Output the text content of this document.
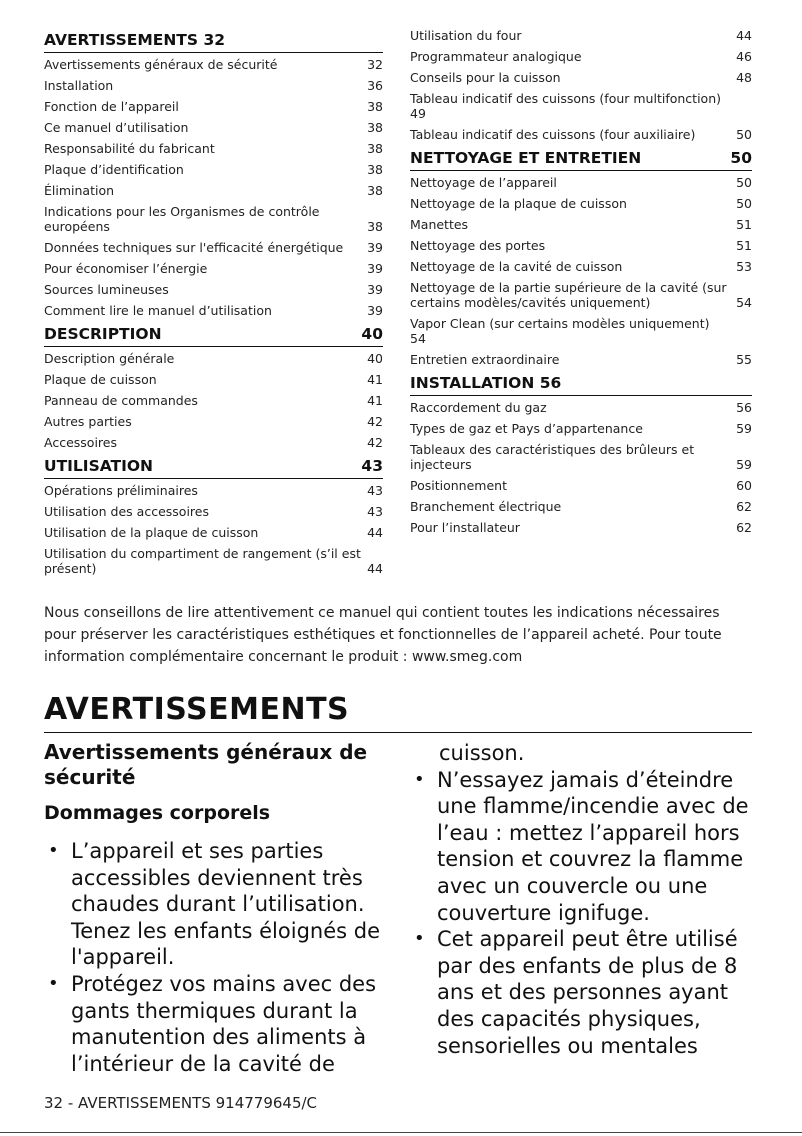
AVERTISSEMENTS 32
Avertissements généraux de sécurité	32
Installation	36
Fonction de l’appareil	38
Ce manuel d’utilisation	38
Responsabilité du fabricant	38
Plaque d’identification	38
Élimination	38
Indications pour les Organismes de contrôle européens	38
Données techniques sur l'efficacité énergétique	39
Pour économiser l’énergie	39
Sources lumineuses	39
Comment lire le manuel d’utilisation	39
DESCRIPTION	40
Description générale	40
Plaque de cuisson	41
Panneau de commandes	41
Autres parties	42
Accessoires	42
UTILISATION	43
Opérations préliminaires	43
Utilisation des accessoires	43
Utilisation de la plaque de cuisson	44
Utilisation du compartiment de rangement (s’il est présent)	44
Utilisation du four	44
Programmateur analogique	46
Conseils pour la cuisson	48
Tableau indicatif des cuissons (four multifonction)
49
Tableau indicatif des cuissons (four auxiliaire)	50
NETTOYAGE ET ENTRETIEN	50
Nettoyage de l’appareil	50
Nettoyage de la plaque de cuisson	50
Manettes	51
Nettoyage des portes	51
Nettoyage de la cavité de cuisson	53
Nettoyage de la partie supérieure de la cavité (sur certains modèles/cavités uniquement)	54
Vapor Clean (sur certains modèles uniquement)
54
Entretien extraordinaire	55
INSTALLATION 56
Raccordement du gaz	56
Types de gaz et Pays d’appartenance	59
Tableaux des caractéristiques des brûleurs et injecteurs	59
Positionnement	60
Branchement électrique	62
Pour l’installateur	62
Nous conseillons de lire attentivement ce manuel qui contient toutes les indications nécessaires pour préserver les caractéristiques esthétiques et fonctionnelles de l’appareil acheté. Pour toute information complémentaire concernant le produit : www.smeg.com
AVERTISSEMENTS
Avertissements généraux de sécurité
Dommages corporels
• L’appareil et ses parties accessibles deviennent très chaudes durant l’utilisation. Tenez les enfants éloignés de l'appareil.
• Protégez vos mains avec des gants thermiques durant la manutention des aliments à l’intérieur de la cavité de
cuisson.
• N’essayez jamais d’éteindre une flamme/incendie avec de l’eau : mettez l’appareil hors tension et couvrez la flamme avec un couvercle ou une couverture ignifuge.
• Cet appareil peut être utilisé par des enfants de plus de 8 ans et des personnes ayant des capacités physiques, sensorielles ou mentales
32 - AVERTISSEMENTS 914779645/C
